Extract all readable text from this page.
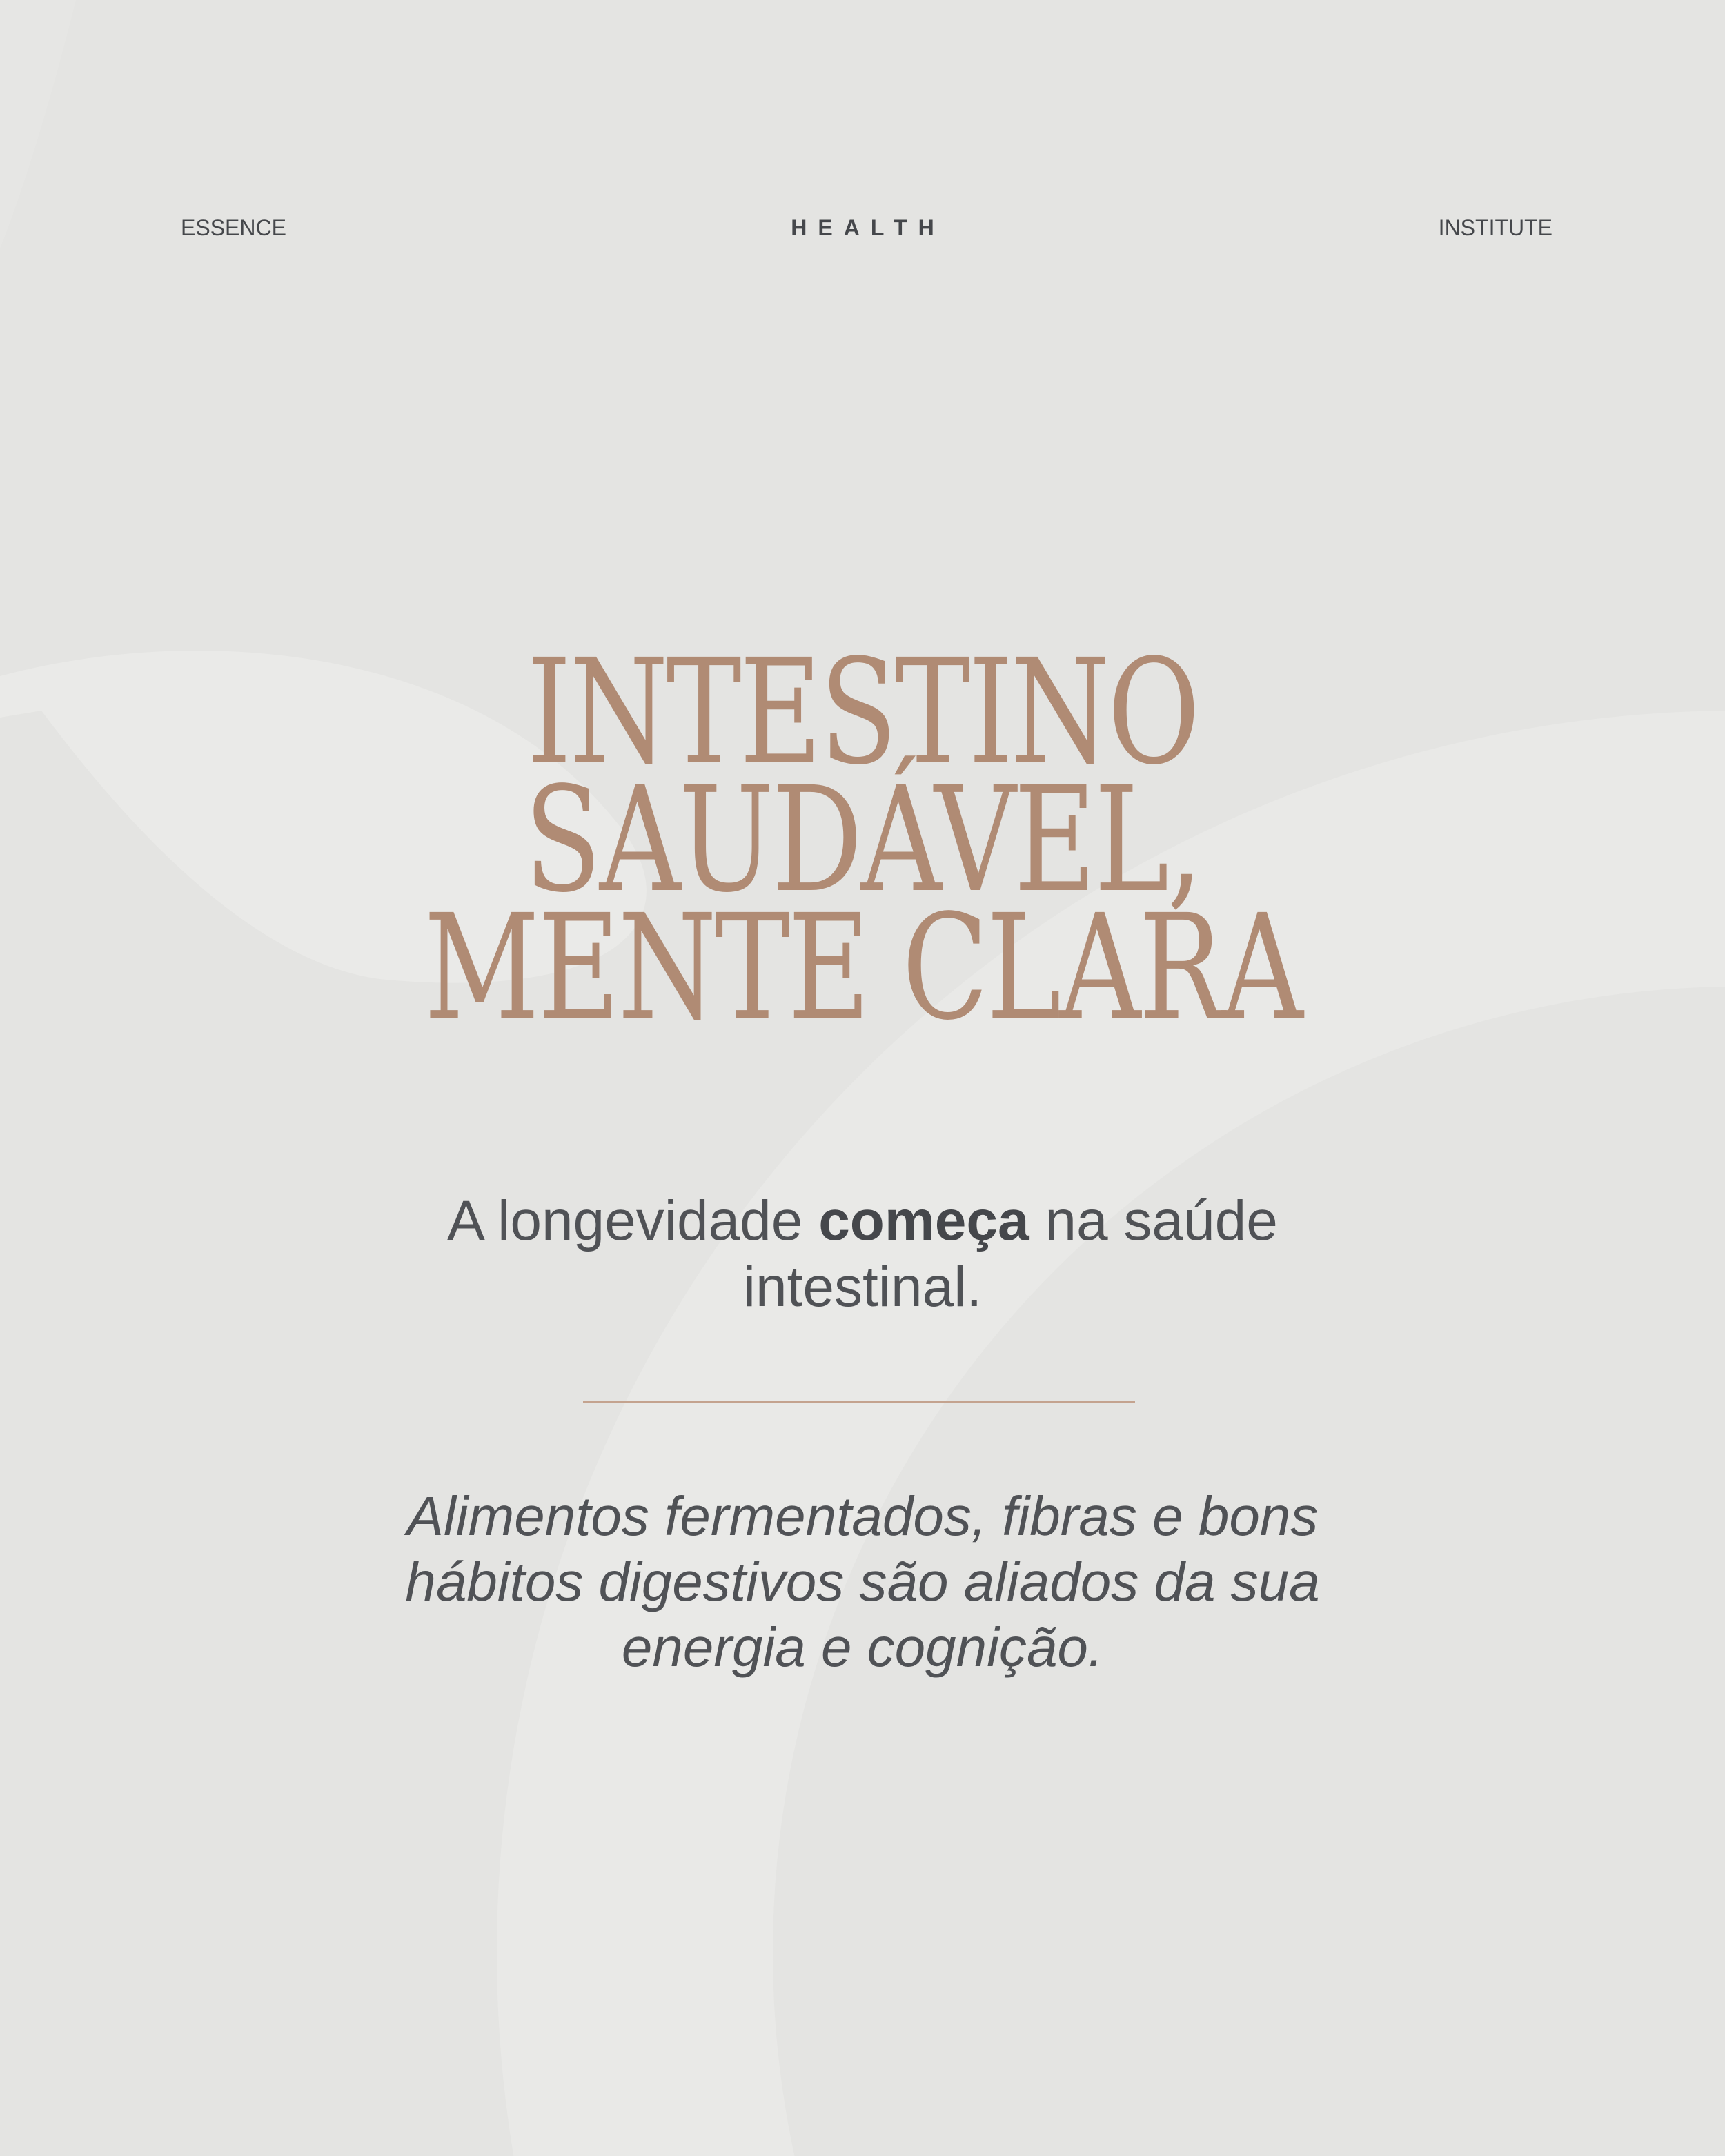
ESSENCE	HEALTH	INSTITUTE
INTESTINO
SAUDÁVEL,
MENTE CLARA

A longevidade começa na saúde intestinal.

Alimentos fermentados, fibras e bons hábitos digestivos são aliados da sua energia e cognição.
